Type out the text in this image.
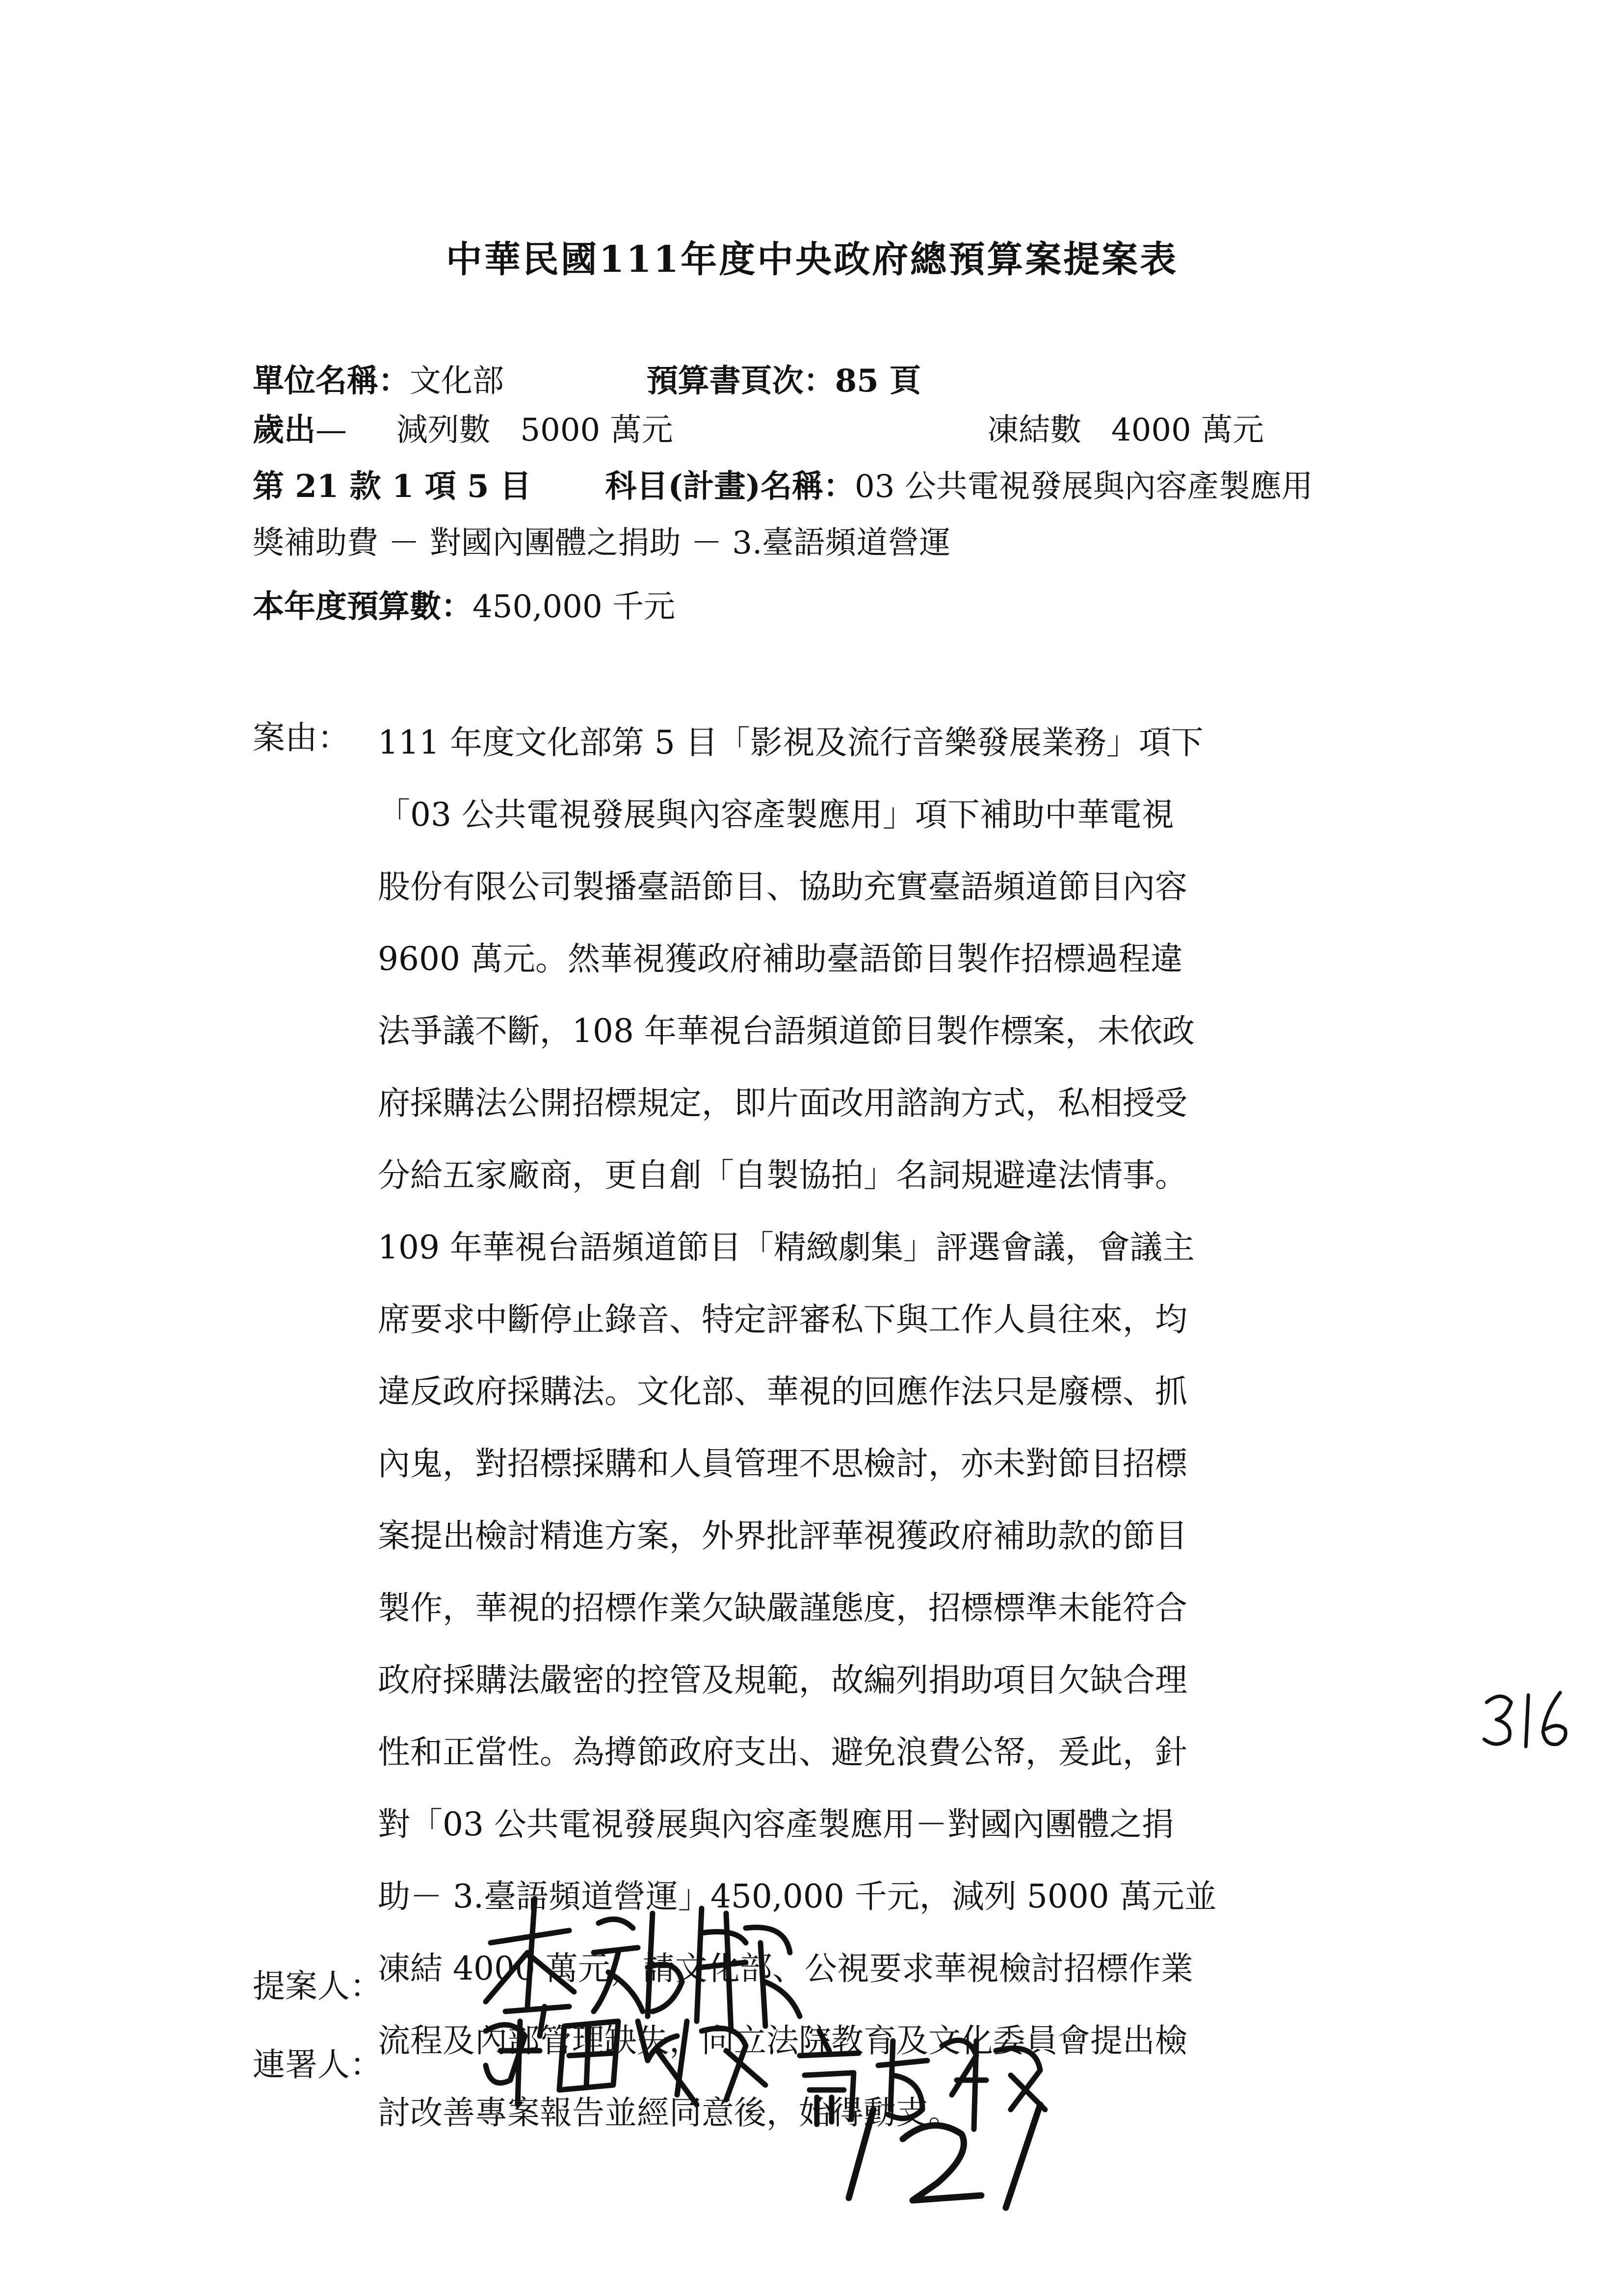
中華民國111年度中央政府總預算案提案表
單位名稱：文化部	預算書頁次：85 頁
歲出— 減列數 5000 萬元	凍結數 4000 萬元
第 21 款 1 項 5 目 科目(計畫)名稱：03 公共電視發展與內容產製應用
獎補助費 － 對國內團體之捐助 － 3.臺語頻道營運
本年度預算數：450,000 千元
案由： 111 年度文化部第 5 目「影視及流行音樂發展業務」項下
「03 公共電視發展與內容產製應用」項下補助中華電視
股份有限公司製播臺語節目、協助充實臺語頻道節目內容
9600 萬元。然華視獲政府補助臺語節目製作招標過程違
法爭議不斷，108 年華視台語頻道節目製作標案，未依政
府採購法公開招標規定，即片面改用諮詢方式，私相授受
分給五家廠商，更自創「自製協拍」名詞規避違法情事。
109 年華視台語頻道節目「精緻劇集」評選會議，會議主
席要求中斷停止錄音、特定評審私下與工作人員往來，均
違反政府採購法。文化部、華視的回應作法只是廢標、抓
內鬼，對招標採購和人員管理不思檢討，亦未對節目招標
案提出檢討精進方案，外界批評華視獲政府補助款的節目
製作，華視的招標作業欠缺嚴謹態度，招標標準未能符合
政府採購法嚴密的控管及規範，故編列捐助項目欠缺合理
性和正當性。為撙節政府支出、避免浪費公帑，爰此，針
對「03 公共電視發展與內容產製應用－對國內團體之捐
助－ 3.臺語頻道營運」450,000 千元，減列 5000 萬元並
凍結 4000 萬元，請文化部、公視要求華視檢討招標作業
流程及內部管理缺失，向立法院教育及文化委員會提出檢
討改善專案報告並經同意後，始得動支。
提案人：
連署人：
